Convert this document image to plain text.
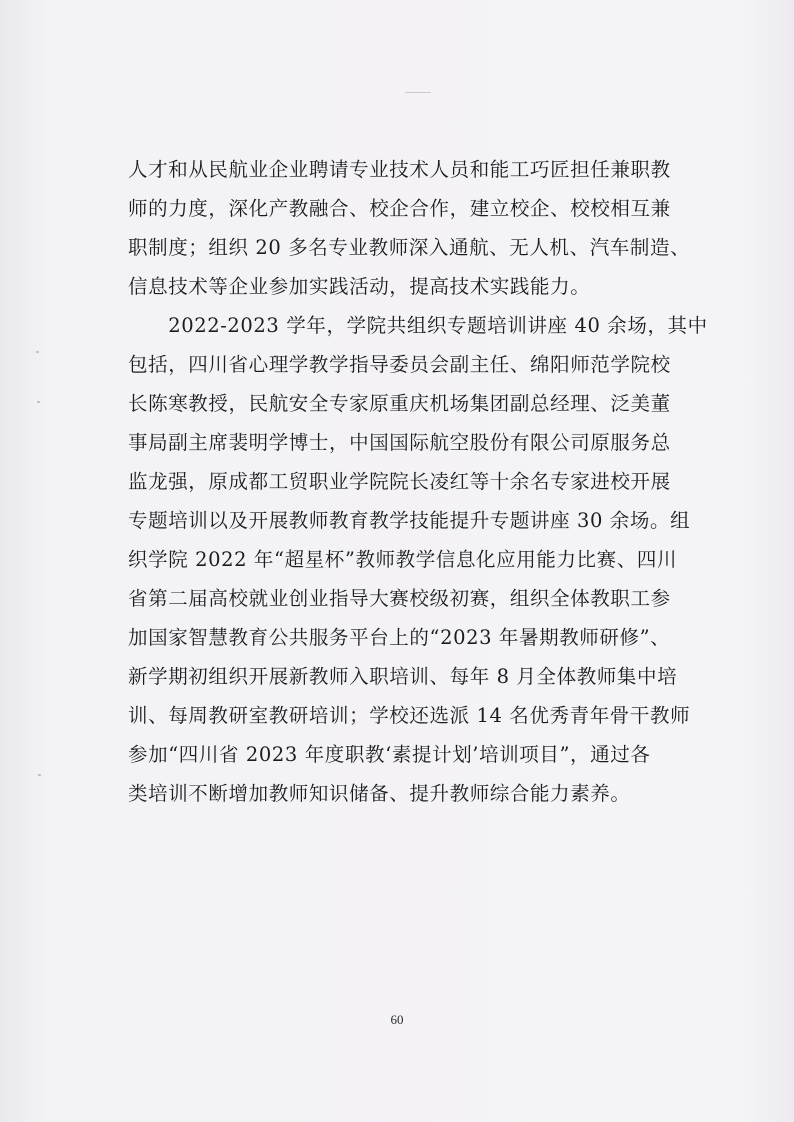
人才和从民航业企业聘请专业技术人员和能工巧匠担任兼职教
师的力度，深化产教融合、校企合作，建立校企、校校相互兼
职制度；组织 20 多名专业教师深入通航、无人机、汽车制造、
信息技术等企业参加实践活动，提高技术实践能力。
　　2022-2023 学年，学院共组织专题培训讲座 40 余场，其中
包括，四川省心理学教学指导委员会副主任、绵阳师范学院校
长陈寒教授，民航安全专家原重庆机场集团副总经理、泛美董
事局副主席裴明学博士，中国国际航空股份有限公司原服务总
监龙强，原成都工贸职业学院院长凌红等十余名专家进校开展
专题培训以及开展教师教育教学技能提升专题讲座 30 余场。组
织学院 2022 年“超星杯”教师教学信息化应用能力比赛、四川
省第二届高校就业创业指导大赛校级初赛，组织全体教职工参
加国家智慧教育公共服务平台上的“2023 年暑期教师研修”、
新学期初组织开展新教师入职培训、每年 8 月全体教师集中培
训、每周教研室教研培训；学校还选派 14 名优秀青年骨干教师
参加“四川省 2023 年度职教‘素提计划’培训项目”，通过各
类培训不断增加教师知识储备、提升教师综合能力素养。
60
